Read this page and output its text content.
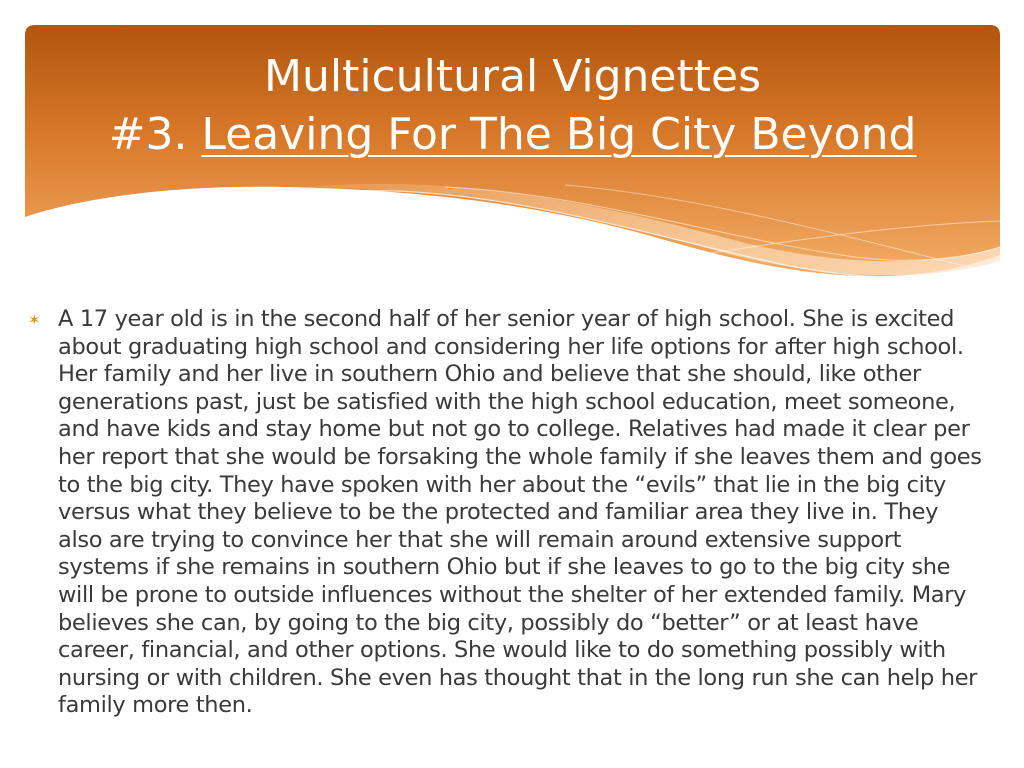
Multicultural Vignettes
#3. Leaving For The Big City Beyond
✶ A 17 year old is in the second half of her senior year of high school. She is excited about graduating high school and considering her life options for after high school. Her family and her live in southern Ohio and believe that she should, like other generations past, just be satisfied with the high school education, meet someone, and have kids and stay home but not go to college. Relatives had made it clear per her report that she would be forsaking the whole family if she leaves them and goes to the big city. They have spoken with her about the “evils” that lie in the big city versus what they believe to be the protected and familiar area they live in. They also are trying to convince her that she will remain around extensive support systems if she remains in southern Ohio but if she leaves to go to the big city she will be prone to outside influences without the shelter of her extended family. Mary believes she can, by going to the big city, possibly do “better” or at least have career, financial, and other options. She would like to do something possibly with nursing or with children. She even has thought that in the long run she can help her family more then.
